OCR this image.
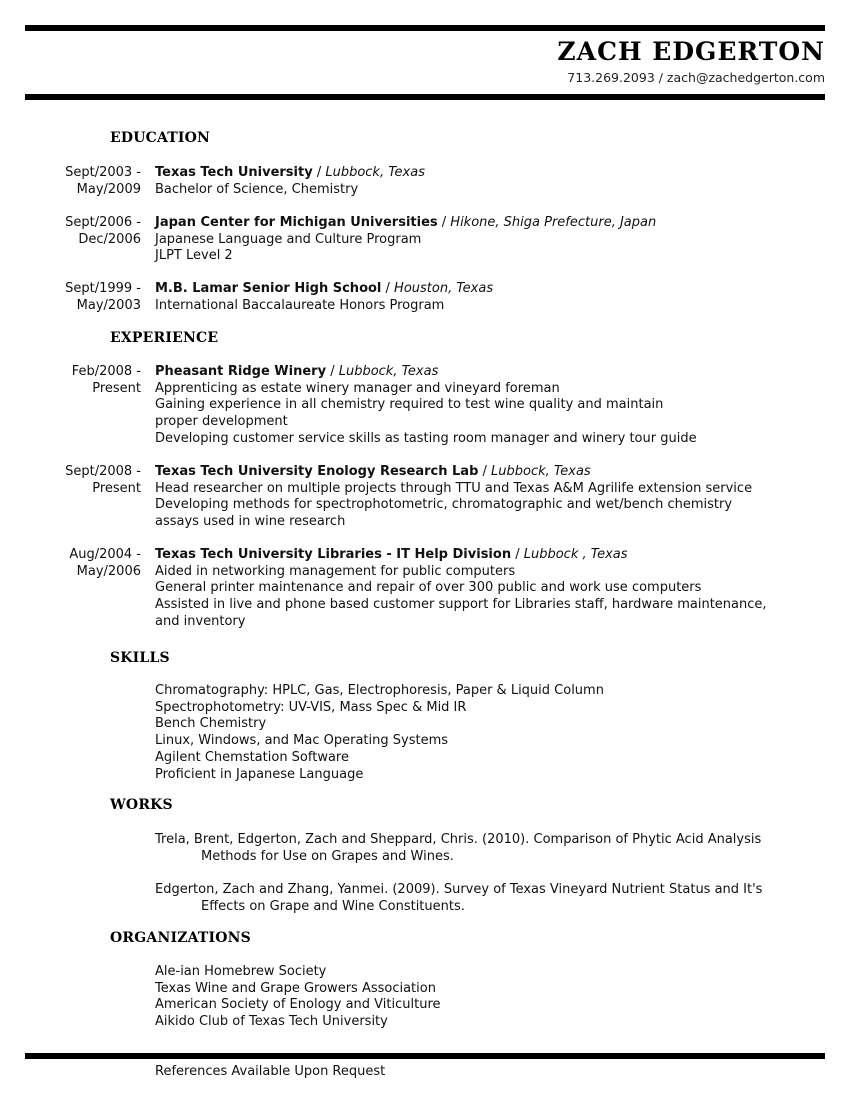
ZACH EDGERTON
713.269.2093 / zach@zachedgerton.com
EDUCATION
Sept/2003 -
May/2009
Texas Tech University / Lubbock, Texas
Bachelor of Science, Chemistry
Sept/2006 -
Dec/2006
Japan Center for Michigan Universities / Hikone, Shiga Prefecture, Japan
Japanese Language and Culture Program
JLPT Level 2
Sept/1999 -
May/2003
M.B. Lamar Senior High School / Houston, Texas
International Baccalaureate Honors Program
EXPERIENCE
Feb/2008 -
Present
Pheasant Ridge Winery / Lubbock, Texas
Apprenticing as estate winery manager and vineyard foreman
Gaining experience in all chemistry required to test wine quality and maintain
proper development
Developing customer service skills as tasting room manager and winery tour guide
Sept/2008 -
Present
Texas Tech University Enology Research Lab / Lubbock, Texas
Head researcher on multiple projects through TTU and Texas A&M Agrilife extension service
Developing methods for spectrophotometric, chromatographic and wet/bench chemistry
assays used in wine research
Aug/2004 -
May/2006
Texas Tech University Libraries - IT Help Division / Lubbock , Texas
Aided in networking management for public computers
General printer maintenance and repair of over 300 public and work use computers
Assisted in live and phone based customer support for Libraries staff, hardware maintenance,
and inventory
SKILLS
Chromatography: HPLC, Gas, Electrophoresis, Paper & Liquid Column
Spectrophotometry: UV-VIS, Mass Spec & Mid IR
Bench Chemistry
Linux, Windows, and Mac Operating Systems
Agilent Chemstation Software
Proficient in Japanese Language
WORKS
Trela, Brent, Edgerton, Zach and Sheppard, Chris. (2010). Comparison of Phytic Acid Analysis
Methods for Use on Grapes and Wines.
Edgerton, Zach and Zhang, Yanmei. (2009). Survey of Texas Vineyard Nutrient Status and It's
Effects on Grape and Wine Constituents.
ORGANIZATIONS
Ale-ian Homebrew Society
Texas Wine and Grape Growers Association
American Society of Enology and Viticulture
Aikido Club of Texas Tech University
References Available Upon Request
